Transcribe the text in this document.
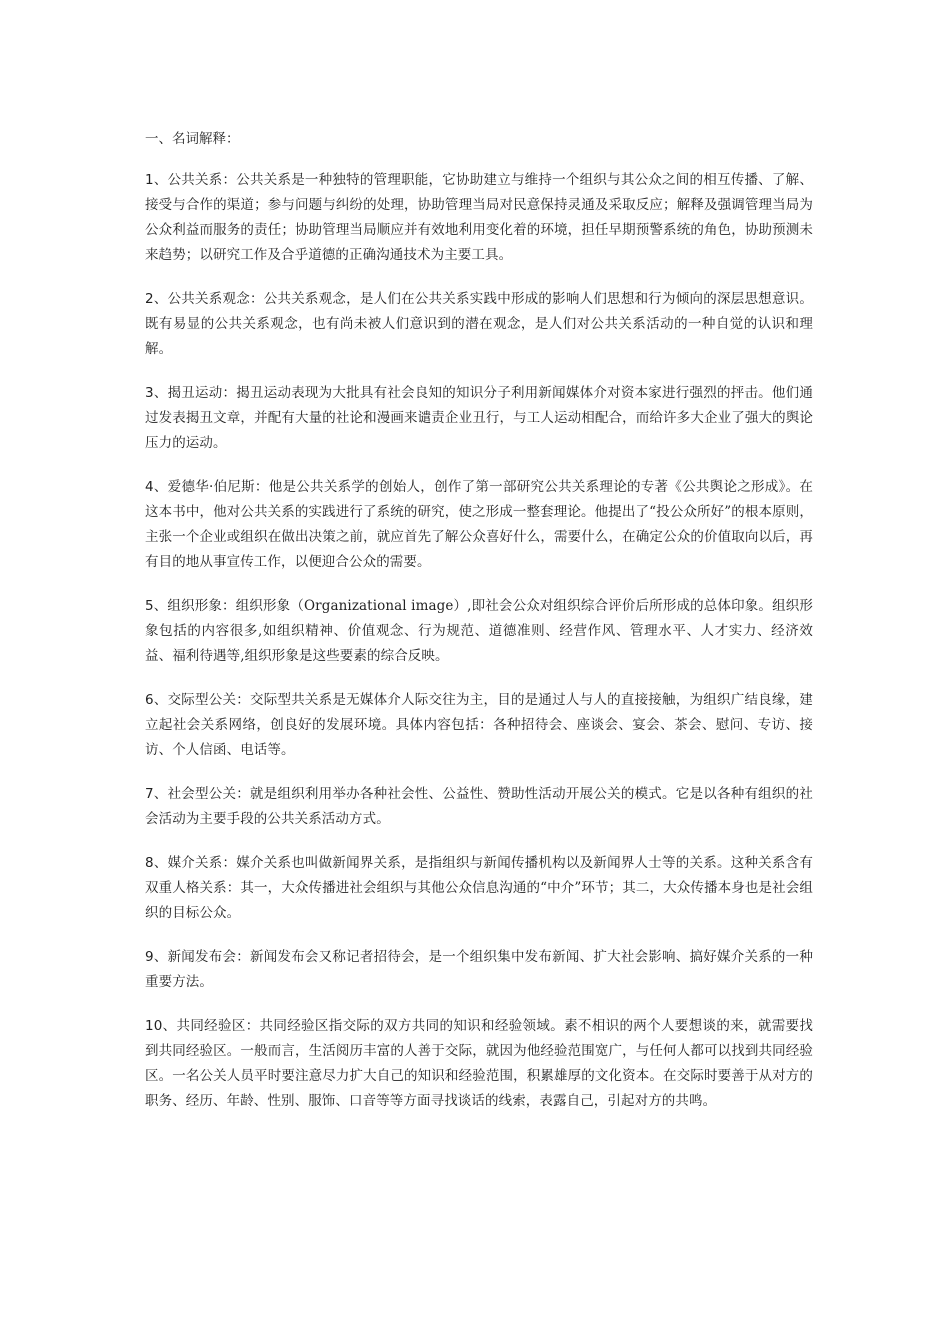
一、名词解释：

1、公共关系：公共关系是一种独特的管理职能，它协助建立与维持一个组织与其公众之间的相互传播、了解、接受与合作的渠道；参与问题与纠纷的处理，协助管理当局对民意保持灵通及采取反应；解释及强调管理当局为公众利益而服务的责任；协助管理当局顺应并有效地利用变化着的环境，担任早期预警系统的角色，协助预测未来趋势；以研究工作及合乎道德的正确沟通技术为主要工具。

2、公共关系观念：公共关系观念，是人们在公共关系实践中形成的影响人们思想和行为倾向的深层思想意识。既有易显的公共关系观念，也有尚未被人们意识到的潜在观念，是人们对公共关系活动的一种自觉的认识和理解。

3、揭丑运动：揭丑运动表现为大批具有社会良知的知识分子利用新闻媒体介对资本家进行强烈的抨击。他们通过发表揭丑文章，并配有大量的社论和漫画来谴责企业丑行，与工人运动相配合，而给许多大企业了强大的舆论压力的运动。

4、爱德华·伯尼斯：他是公共关系学的创始人，创作了第一部研究公共关系理论的专著《公共舆论之形成》。在这本书中，他对公共关系的实践进行了系统的研究，使之形成一整套理论。他提出了“投公众所好”的根本原则，主张一个企业或组织在做出决策之前，就应首先了解公众喜好什么，需要什么，在确定公众的价值取向以后，再有目的地从事宣传工作，以便迎合公众的需要。

5、组织形象：组织形象（Organizational image）,即社会公众对组织综合评价后所形成的总体印象。组织形象包括的内容很多,如组织精神、价值观念、行为规范、道德准则、经营作风、管理水平、人才实力、经济效益、福利待遇等,组织形象是这些要素的综合反映。

6、交际型公关：交际型共关系是无媒体介人际交往为主，目的是通过人与人的直接接触，为组织广结良缘，建立起社会关系网络，创良好的发展环境。具体内容包括：各种招待会、座谈会、宴会、茶会、慰问、专访、接访、个人信函、电话等。

7、社会型公关：就是组织利用举办各种社会性、公益性、赞助性活动开展公关的模式。它是以各种有组织的社会活动为主要手段的公共关系活动方式。

8、媒介关系：媒介关系也叫做新闻界关系，是指组织与新闻传播机构以及新闻界人士等的关系。这种关系含有双重人格关系：其一，大众传播进社会组织与其他公众信息沟通的“中介”环节；其二，大众传播本身也是社会组织的目标公众。

9、新闻发布会：新闻发布会又称记者招待会，是一个组织集中发布新闻、扩大社会影响、搞好媒介关系的一种重要方法。

10、共同经验区：共同经验区指交际的双方共同的知识和经验领域。素不相识的两个人要想谈的来，就需要找到共同经验区。一般而言，生活阅历丰富的人善于交际，就因为他经验范围宽广，与任何人都可以找到共同经验区。一名公关人员平时要注意尽力扩大自己的知识和经验范围，积累雄厚的文化资本。在交际时要善于从对方的职务、经历、年龄、性别、服饰、口音等等方面寻找谈话的线索，表露自己，引起对方的共鸣。
